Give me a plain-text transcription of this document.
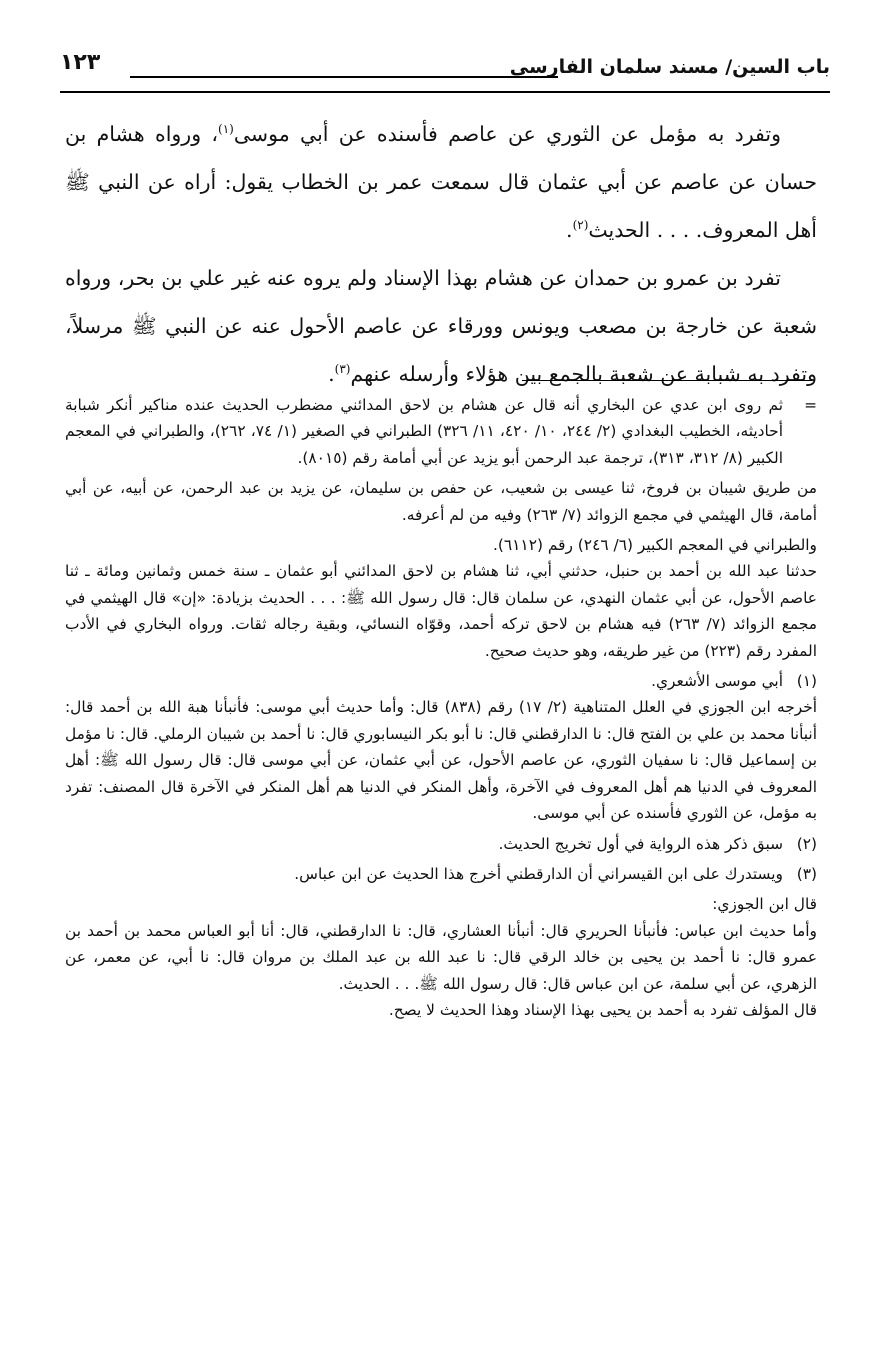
باب السين/ مسند سلمان الفارسي
١٢٣

وتفرد به مؤمل عن الثوري عن عاصم فأسنده عن أبي موسى$^{(١)}$، ورواه هشام بن حسان عن عاصم عن أبي عثمان قال سمعت عمر بن الخطاب يقول: أراه عن النبي ﷺ أهل المعروف. . . . الحديث$^{(٢)}$.

تفرد بن عمرو بن حمدان عن هشام بهذا الإسناد ولم يروه عنه غير علي بن بحر، ورواه شعبة عن خارجة بن مصعب ويونس وورقاء عن عاصم الأحول عنه عن النبي ﷺ مرسلاً، وتفرد به شبابة عن شعبة بالجمع بين هؤلاء وأرسله عنهم$^{(٣)}$.

=

ثم روى ابن عدي عن البخاري أنه قال عن هشام بن لاحق المدائني مضطرب الحديث عنده مناكير أنكر شبابة أحاديثه، الخطيب البغدادي (٢/ ٢٤٤، ١٠/ ٤٢٠، ١١/ ٣٢٦) الطبراني في الصغير (١/ ٧٤، ٢٦٢)، والطبراني في المعجم الكبير (٨/ ٣١٢، ٣١٣)، ترجمة عبد الرحمن أبو يزيد عن أبي أمامة رقم (٨٠١٥).

من طريق شيبان بن فروخ، ثنا عيسى بن شعيب، عن حفص بن سليمان، عن يزيد بن عبد الرحمن، عن أبيه، عن أبي أمامة، قال الهيثمي في مجمع الزوائد (٧/ ٢٦٣) وفيه من لم أعرفه.

والطبراني في المعجم الكبير (٦/ ٢٤٦) رقم (٦١١٢).

حدثنا عبد الله بن أحمد بن حنبل، حدثني أبي، ثنا هشام بن لاحق المدائني أبو عثمان ـ سنة خمس وثمانين ومائة ـ ثنا عاصم الأحول، عن أبي عثمان النهدي، عن سلمان قال: قال رسول الله ﷺ: . . . الحديث بزيادة: «إن» قال الهيثمي في مجمع الزوائد (٧/ ٢٦٣) فيه هشام بن لاحق تركه أحمد، وقوّاه النسائي، وبقية رجاله ثقات. ورواه البخاري في الأدب المفرد رقم (٢٢٣) من غير طريقه، وهو حديث صحيح.

(١)

أبي موسى الأشعري.

أخرجه ابن الجوزي في العلل المتناهية (٢/ ١٧) رقم (٨٣٨) قال: وأما حديث أبي موسى: فأنبأنا هبة الله بن أحمد قال: أنبأنا محمد بن علي بن الفتح قال: نا الدارقطني قال: نا أبو بكر النيسابوري قال: نا أحمد بن شيبان الرملي. قال: نا مؤمل بن إسماعيل قال: نا سفيان الثوري، عن عاصم الأحول، عن أبي عثمان، عن أبي موسى قال: قال رسول الله ﷺ: أهل المعروف في الدنيا هم أهل المعروف في الآخرة، وأهل المنكر في الدنيا هم أهل المنكر في الآخرة قال المصنف: تفرد به مؤمل، عن الثوري فأسنده عن أبي موسى.

(٢)

سبق ذكر هذه الرواية في أول تخريج الحديث.

(٣)

ويستدرك على ابن القيسراني أن الدارقطني أخرج هذا الحديث عن ابن عباس.

قال ابن الجوزي:

وأما حديث ابن عباس: فأنبأنا الحريري قال: أنبأنا العشاري، قال: نا الدارقطني، قال: أنا أبو العباس محمد بن أحمد بن عمرو قال: نا أحمد بن يحيى بن خالد الرقي قال: نا عبد الله بن عبد الملك بن مروان قال: نا أبي، عن معمر، عن الزهري، عن أبي سلمة، عن ابن عباس قال: قال رسول الله ﷺ. . . الحديث.

قال المؤلف تفرد به أحمد بن يحيى بهذا الإسناد وهذا الحديث لا يصح.
